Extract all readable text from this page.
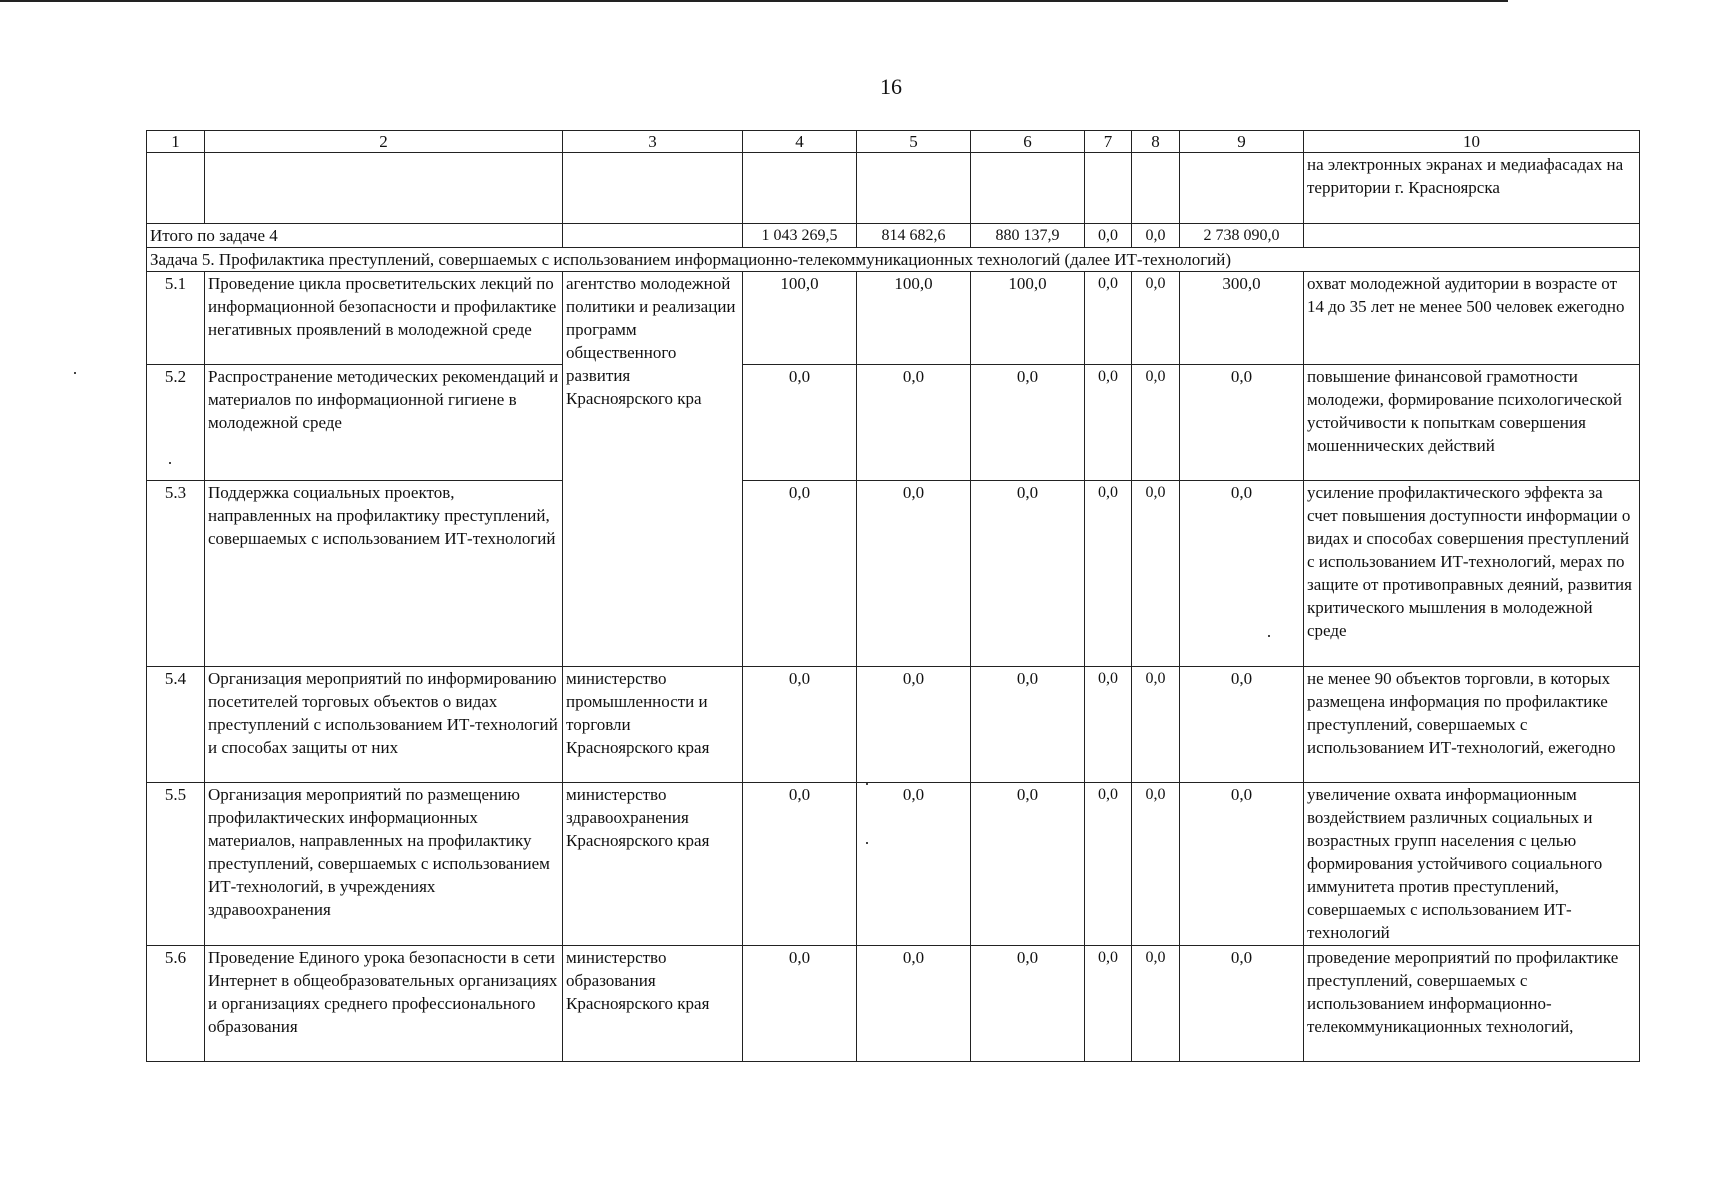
16
1	2	3	4	5	6	7	8	9	10
									на электронных экранах и медиафасадах на территории г. Красноярска
Итого по задаче 4			1 043 269,5	814 682,6	880 137,9	0,0	0,0	2 738 090,0	
Задача 5. Профилактика преступлений, совершаемых с использованием информационно-телекоммуникационных технологий (далее ИТ-технологий)									
5.1	Проведение цикла просветительских лекций по информационной безопасности и профилактике негативных проявлений в молодежной среде	агентство молодежной политики и реализации программ общественного развития Красноярского кра	100,0	100,0	100,0	0,0	0,0	300,0	охват молодежной аудитории в возрасте от 14 до 35 лет не менее 500 человек ежегодно
5.2	Распространение методических рекомендаций и материалов по информационной гигиене в молодежной среде		0,0	0,0	0,0	0,0	0,0	0,0	повышение финансовой грамотности молодежи, формирование психологической устойчивости к попыткам совершения мошеннических действий
5.3	Поддержка социальных проектов, направленных на профилактику преступлений, совершаемых с использованием ИТ-технологий		0,0	0,0	0,0	0,0	0,0	0,0	усиление профилактического эффекта за счет повышения доступности информации о видах и способах совершения преступлений с использованием ИТ-технологий, мерах по защите от противоправных деяний, развития критического мышления в молодежной среде
5.4	Организация мероприятий по информированию посетителей торговых объектов о видах преступлений с использованием ИТ-технологий и способах защиты от них	министерство промышленности и торговли Красноярского края	0,0	0,0	0,0	0,0	0,0	0,0	не менее 90 объектов торговли, в которых размещена информация по профилактике преступлений, совершаемых с использованием ИТ-технологий, ежегодно
5.5	Организация мероприятий по размещению профилактических информационных материалов, направленных на профилактику преступлений, совершаемых с использованием ИТ-технологий, в учреждениях здравоохранения	министерство здравоохранения Красноярского края	0,0	0,0	0,0	0,0	0,0	0,0	увеличение охвата информационным воздействием различных социальных и возрастных групп населения с целью формирования устойчивого социального иммунитета против преступлений, совершаемых с использованием ИТ- технологий
5.6	Проведение Единого урока безопасности в сети Интернет в общеобразовательных организациях и организациях среднего профессионального образования	министерство образования Красноярского края	0,0	0,0	0,0	0,0	0,0	0,0	проведение мероприятий по профилактике преступлений, совершаемых с использованием информационно-телекоммуникационных технологий,
